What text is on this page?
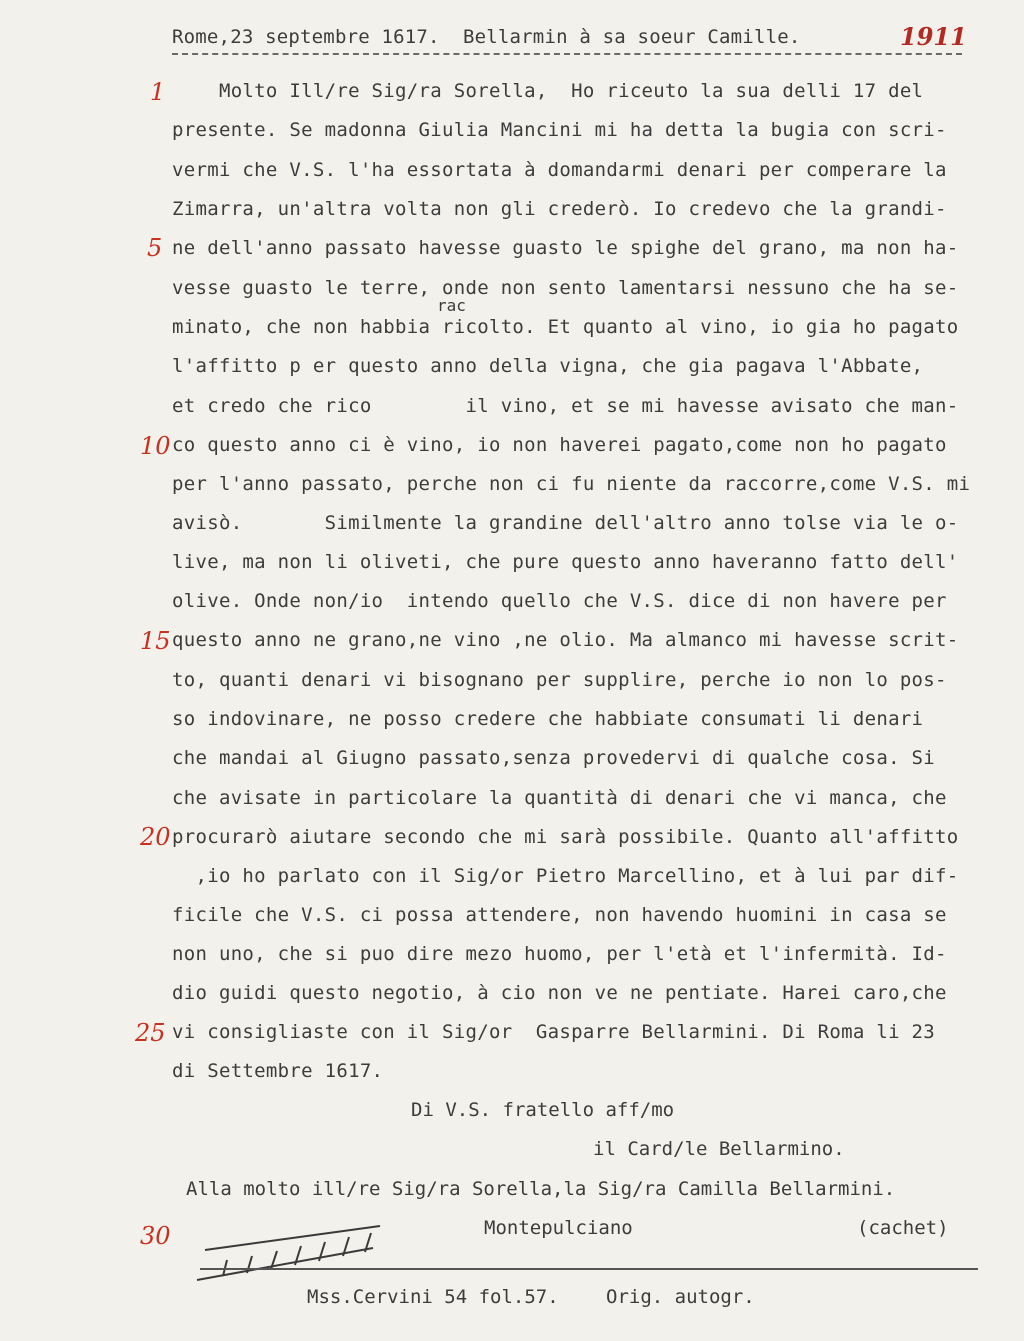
Rome,23 septembre 1617.  Bellarmin à sa soeur Camille.	1911
Molto Ill/re Sig/ra Sorella,  Ho riceuto la sua delli 17 del
presente. Se madonna Giulia Mancini mi ha detta la bugia con scri-
vermi che V.S. l'ha essortata à domandarmi denari per comperare la
Zimarra, un'altra volta non gli crederò. Io credevo che la grandi-
ne dell'anno passato havesse guasto le spighe del grano, ma non ha-
vesse guasto le terre, onde non sento lamentarsi nessuno che ha se-
rac
minato, che non habbia ricolto. Et quanto al vino, io gia ho pagato
l'affitto p er questo anno della vigna, che gia pagava l'Abbate,
et credo che rico        il vino, et se mi havesse avisato che man-
co questo anno ci è vino, io non haverei pagato,come non ho pagato
per l'anno passato, perche non ci fu niente da raccorre,come V.S. mi
avisò.       Similmente la grandine dell'altro anno tolse via le o-
live, ma non li oliveti, che pure questo anno haveranno fatto dell'
olive. Onde non/io  intendo quello che V.S. dice di non havere per
questo anno ne grano,ne vino ,ne olio. Ma almanco mi havesse scrit-
to, quanti denari vi bisognano per supplire, perche io non lo pos-
so indovinare, ne posso credere che habbiate consumati li denari
che mandai al Giugno passato,senza provedervi di qualche cosa. Si
che avisate in particolare la quantità di denari che vi manca, che
procurarò aiutare secondo che mi sarà possibile. Quanto all'affitto
,io ho parlato con il Sig/or Pietro Marcellino, et à lui par dif-
ficile che V.S. ci possa attendere, non havendo huomini in casa se
non uno, che si puo dire mezo huomo, per l'età et l'infermità. Id-
dio guidi questo negotio, à cio non ve ne pentiate. Harei caro,che
vi consigliaste con il Sig/or  Gasparre Bellarmini. Di Roma li 23
di Settembre 1617.
1
5
10
15
20
25
30
Di V.S. fratello aff/mo
il Card/le Bellarmino.
Alla molto ill/re Sig/ra Sorella,la Sig/ra Camilla Bellarmini.
Montepulciano	(cachet)
Mss.Cervini 54 fol.57. Orig. autogr.
